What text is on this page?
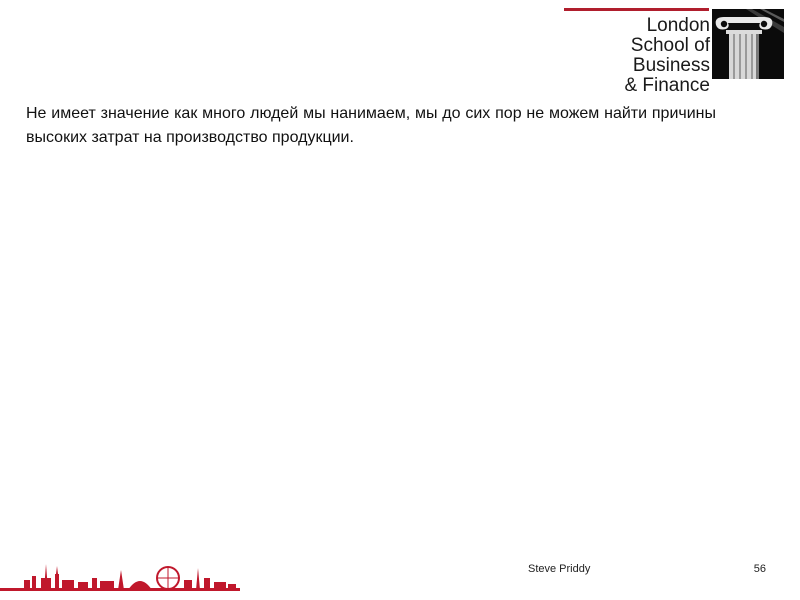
London
School of Business
& Finance
Не имеет значение как много людей мы нанимаем, мы до сих пор не можем найти причины высоких затрат на производство продукции.
Steve Priddy	56
